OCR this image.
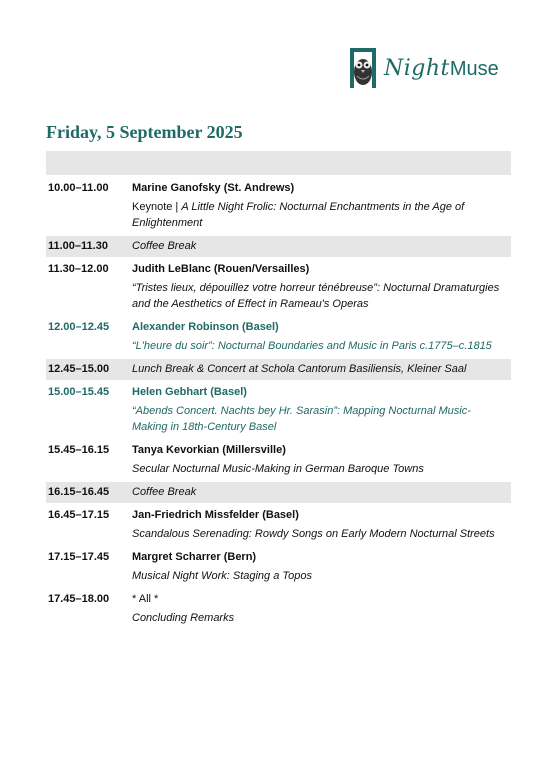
NightMuse
Friday, 5 September 2025
10.00–11.00	Marine Ganofsky (St. Andrews)
Keynote | A Little Night Frolic: Nocturnal Enchantments in the Age of Enlightenment
11.00–11.30	Coffee Break
11.30–12.00	Judith LeBlanc (Rouen/Versailles)
“Tristes lieux, dépouillez votre horreur ténébreuse”: Nocturnal Dramaturgies and the Aesthetics of Effect in Rameau's Operas
12.00–12.45	Alexander Robinson (Basel)
“L'heure du soir”: Nocturnal Boundaries and Music in Paris c.1775–c.1815
12.45–15.00	Lunch Break & Concert at Schola Cantorum Basiliensis, Kleiner Saal
15.00–15.45	Helen Gebhart (Basel)
“Abends Concert. Nachts bey Hr. Sarasin”: Mapping Nocturnal Music-Making in 18th-Century Basel
15.45–16.15	Tanya Kevorkian (Millersville)
Secular Nocturnal Music-Making in German Baroque Towns
16.15–16.45	Coffee Break
16.45–17.15	Jan-Friedrich Missfelder (Basel)
Scandalous Serenading: Rowdy Songs on Early Modern Nocturnal Streets
17.15–17.45	Margret Scharrer (Bern)
Musical Night Work: Staging a Topos
17.45–18.00	* All *
Concluding Remarks
